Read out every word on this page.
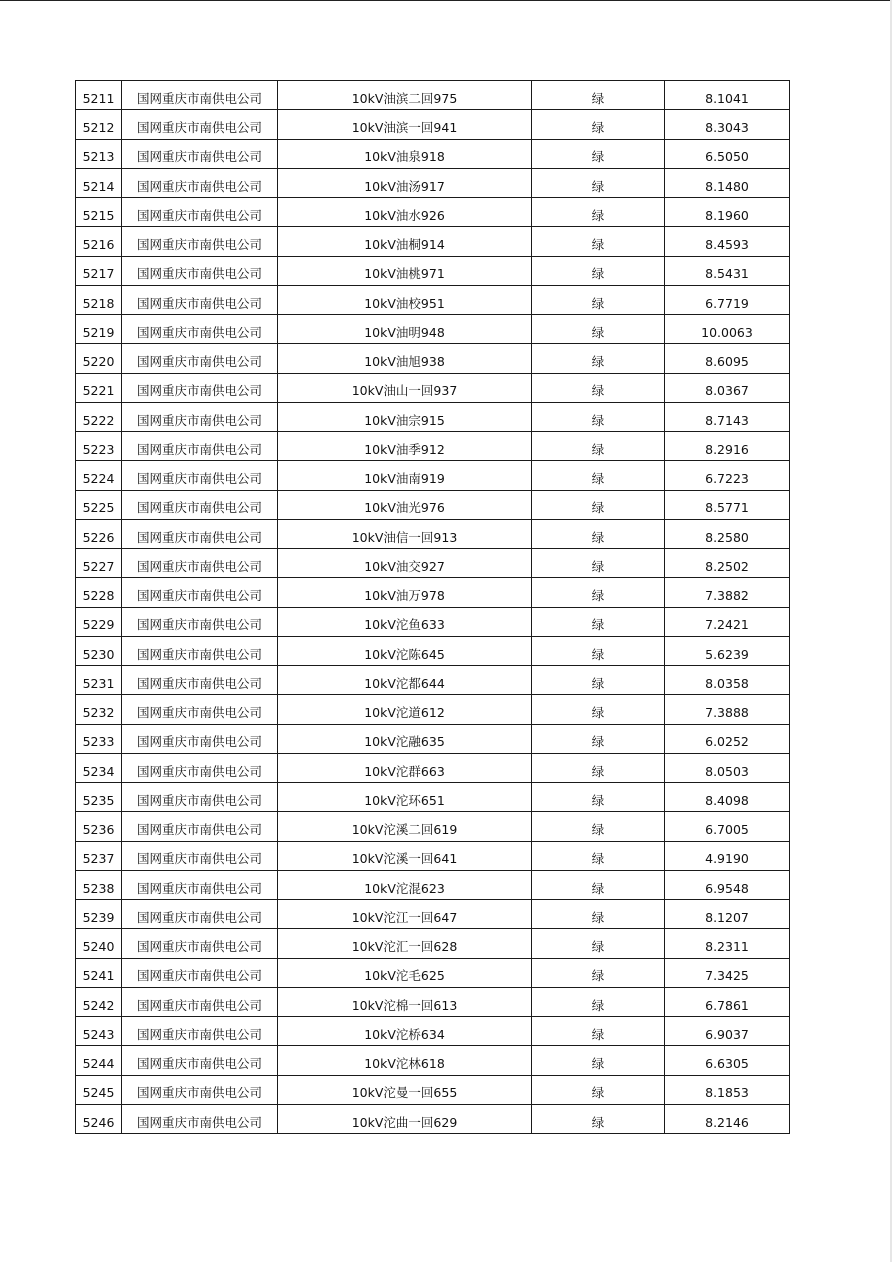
5211	国网重庆市南供电公司	10kV油滨二回975	绿	8.1041
5212	国网重庆市南供电公司	10kV油滨一回941	绿	8.3043
5213	国网重庆市南供电公司	10kV油泉918	绿	6.5050
5214	国网重庆市南供电公司	10kV油汤917	绿	8.1480
5215	国网重庆市南供电公司	10kV油水926	绿	8.1960
5216	国网重庆市南供电公司	10kV油桐914	绿	8.4593
5217	国网重庆市南供电公司	10kV油桃971	绿	8.5431
5218	国网重庆市南供电公司	10kV油校951	绿	6.7719
5219	国网重庆市南供电公司	10kV油明948	绿	10.0063
5220	国网重庆市南供电公司	10kV油旭938	绿	8.6095
5221	国网重庆市南供电公司	10kV油山一回937	绿	8.0367
5222	国网重庆市南供电公司	10kV油宗915	绿	8.7143
5223	国网重庆市南供电公司	10kV油季912	绿	8.2916
5224	国网重庆市南供电公司	10kV油南919	绿	6.7223
5225	国网重庆市南供电公司	10kV油光976	绿	8.5771
5226	国网重庆市南供电公司	10kV油信一回913	绿	8.2580
5227	国网重庆市南供电公司	10kV油交927	绿	8.2502
5228	国网重庆市南供电公司	10kV油万978	绿	7.3882
5229	国网重庆市南供电公司	10kV沱鱼633	绿	7.2421
5230	国网重庆市南供电公司	10kV沱陈645	绿	5.6239
5231	国网重庆市南供电公司	10kV沱都644	绿	8.0358
5232	国网重庆市南供电公司	10kV沱道612	绿	7.3888
5233	国网重庆市南供电公司	10kV沱融635	绿	6.0252
5234	国网重庆市南供电公司	10kV沱群663	绿	8.0503
5235	国网重庆市南供电公司	10kV沱环651	绿	8.4098
5236	国网重庆市南供电公司	10kV沱溪二回619	绿	6.7005
5237	国网重庆市南供电公司	10kV沱溪一回641	绿	4.9190
5238	国网重庆市南供电公司	10kV沱混623	绿	6.9548
5239	国网重庆市南供电公司	10kV沱江一回647	绿	8.1207
5240	国网重庆市南供电公司	10kV沱汇一回628	绿	8.2311
5241	国网重庆市南供电公司	10kV沱毛625	绿	7.3425
5242	国网重庆市南供电公司	10kV沱棉一回613	绿	6.7861
5243	国网重庆市南供电公司	10kV沱桥634	绿	6.9037
5244	国网重庆市南供电公司	10kV沱林618	绿	6.6305
5245	国网重庆市南供电公司	10kV沱曼一回655	绿	8.1853
5246	国网重庆市南供电公司	10kV沱曲一回629	绿	8.2146
